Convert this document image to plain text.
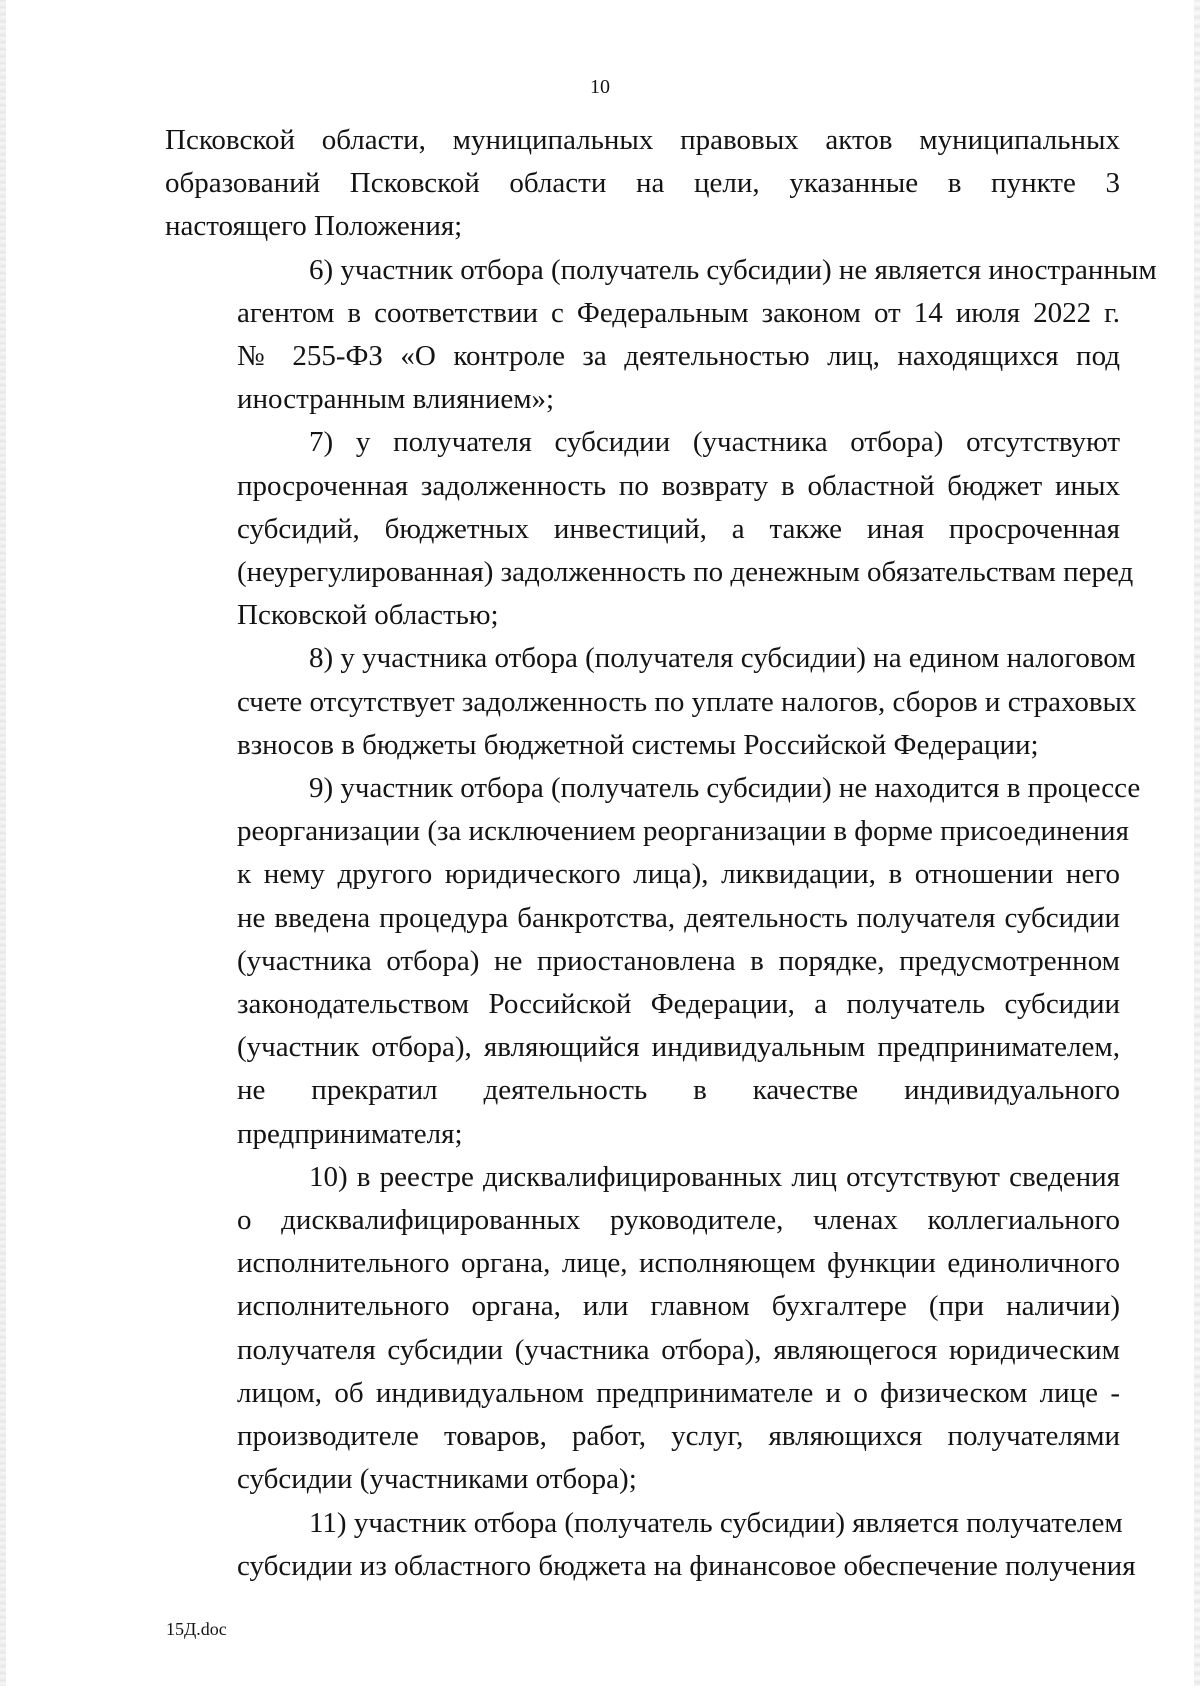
10
Псковской области, муниципальных правовых актов муниципальных
образований Псковской области на цели, указанные в пункте 3
настоящего Положения;
6) участник отбора (получатель субсидии) не является иностранным
агентом в соответствии с Федеральным законом от 14 июля 2022 г.
№ 255-ФЗ «О контроле за деятельностью лиц, находящихся под
иностранным влиянием»;
7) у получателя субсидии (участника отбора) отсутствуют
просроченная задолженность по возврату в областной бюджет иных
субсидий, бюджетных инвестиций, а также иная просроченная
(неурегулированная) задолженность по денежным обязательствам перед
Псковской областью;
8) у участника отбора (получателя субсидии) на едином налоговом
счете отсутствует задолженность по уплате налогов, сборов и страховых
взносов в бюджеты бюджетной системы Российской Федерации;
9) участник отбора (получатель субсидии) не находится в процессе
реорганизации (за исключением реорганизации в форме присоединения
к нему другого юридического лица), ликвидации, в отношении него
не введена процедура банкротства, деятельность получателя субсидии
(участника отбора) не приостановлена в порядке, предусмотренном
законодательством Российской Федерации, а получатель субсидии
(участник отбора), являющийся индивидуальным предпринимателем,
не прекратил деятельность в качестве индивидуального
предпринимателя;
10) в реестре дисквалифицированных лиц отсутствуют сведения
о дисквалифицированных руководителе, членах коллегиального
исполнительного органа, лице, исполняющем функции единоличного
исполнительного органа, или главном бухгалтере (при наличии)
получателя субсидии (участника отбора), являющегося юридическим
лицом, об индивидуальном предпринимателе и о физическом лице -
производителе товаров, работ, услуг, являющихся получателями
субсидии (участниками отбора);
11) участник отбора (получатель субсидии) является получателем
субсидии из областного бюджета на финансовое обеспечение получения
15Д.doc
